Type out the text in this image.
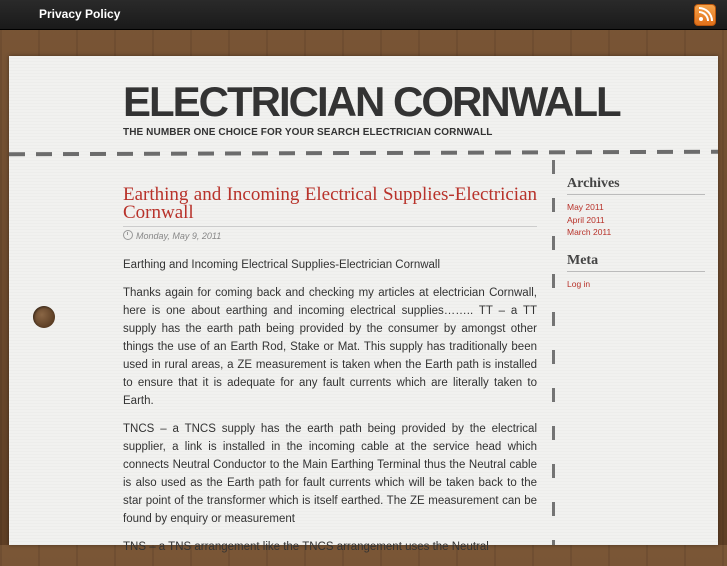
Privacy Policy
ELECTRICIAN CORNWALL
THE NUMBER ONE CHOICE FOR YOUR SEARCH ELECTRICIAN CORNWALL
Earthing and Incoming Electrical Supplies-Electrician Cornwall
Monday, May 9, 2011

Earthing and Incoming Electrical Supplies-Electrician Cornwall

Thanks again for coming back and checking my articles at electrician Cornwall, here is one about earthing and incoming electrical supplies…….. TT – a TT supply has the earth path being provided by the consumer by amongst other things the use of an Earth Rod, Stake or Mat. This supply has traditionally been used in rural areas, a ZE measurement is taken when the Earth path is installed to ensure that it is adequate for any fault currents which are literally taken to Earth.

TNCS – a TNCS supply has the earth path being provided by the electrical supplier, a link is installed in the incoming cable at the service head which connects Neutral Conductor to the Main Earthing Terminal thus the Neutral cable is also used as the Earth path for fault currents which will be taken back to the star point of the transformer which is itself earthed. The ZE measurement can be found by enquiry or measurement

TNS – a TNS arrangement like the TNCS arrangement uses the Neutral

Archives
May 2011
April 2011
March 2011
Meta
Log in
